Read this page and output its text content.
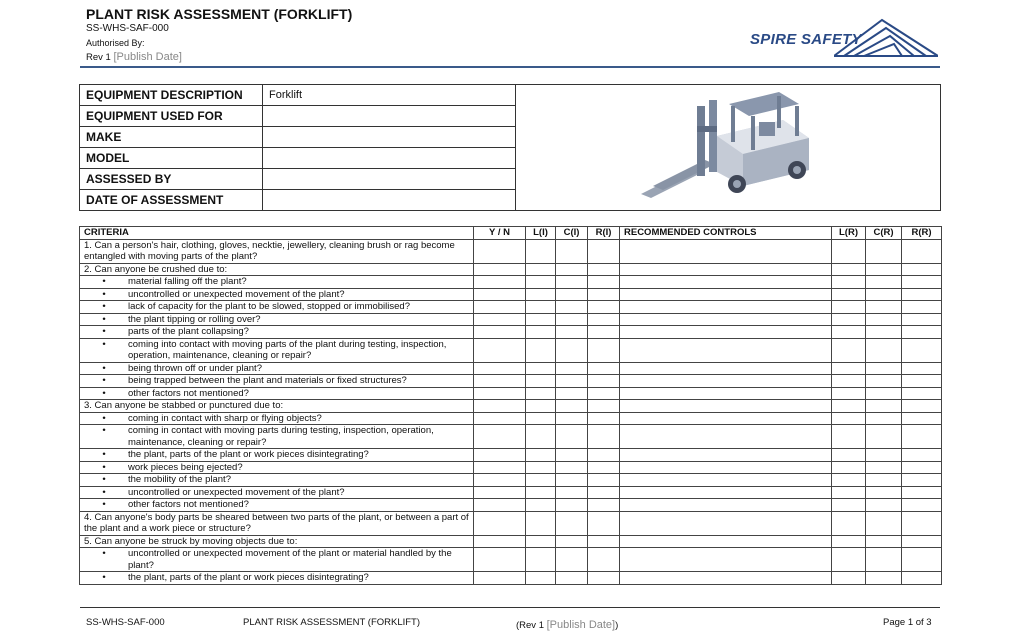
PLANT RISK ASSESSMENT (FORKLIFT)
SS-WHS-SAF-000
Authorised By:
Rev 1 [Publish Date]
SPIRE SAFETY
EQUIPMENT DESCRIPTION	Forklift	
EQUIPMENT USED FOR		
MAKE		
MODEL		
ASSESSED BY		
DATE OF ASSESSMENT		
CRITERIA	Y / N	L(I)	C(I)	R(I)	RECOMMENDED CONTROLS	L(R)	C(R)	R(R)
1. Can a person's hair, clothing, gloves, necktie, jewellery, cleaning brush or rag become entangled with moving parts of the plant?								
2. Can anyone be crushed due to:								
• material falling off the plant?								
• uncontrolled or unexpected movement of the plant?								
• lack of capacity for the plant to be slowed, stopped or immobilised?								
• the plant tipping or rolling over?								
• parts of the plant collapsing?								
• coming into contact with moving parts of the plant during testing, inspection, operation, maintenance, cleaning or repair?								
• being thrown off or under plant?								
• being trapped between the plant and materials or fixed structures?								
• other factors not mentioned?								
3. Can anyone be stabbed or punctured due to:								
• coming in contact with sharp or flying objects?								
• coming in contact with moving parts during testing, inspection, operation, maintenance, cleaning or repair?								
• the plant, parts of the plant or work pieces disintegrating?								
• work pieces being ejected?								
• the mobility of the plant?								
• uncontrolled or unexpected movement of the plant?								
• other factors not mentioned?								
4. Can anyone's body parts be sheared between two parts of the plant, or between a part of the plant and a work piece or structure?								
5. Can anyone be struck by moving objects due to:								
• uncontrolled or unexpected movement of the plant or material handled by the plant?								
• the plant, parts of the plant or work pieces disintegrating?								
SS-WHS-SAF-000	PLANT RISK ASSESSMENT (FORKLIFT)	(Rev 1 [Publish Date])	Page 1 of 3
